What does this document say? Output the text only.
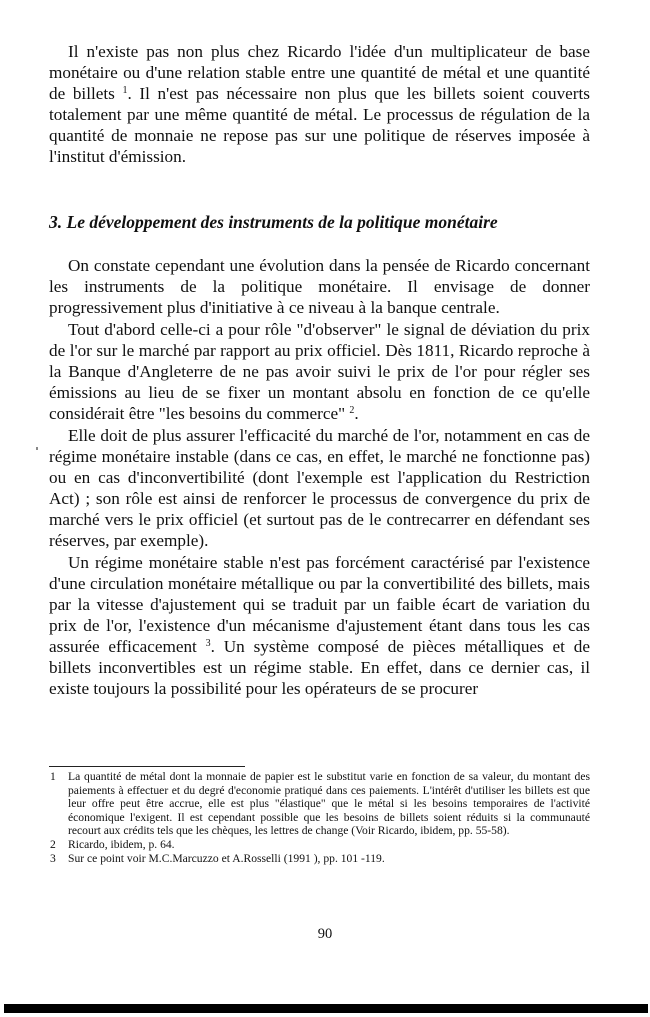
Il n'existe pas non plus chez Ricardo l'idée d'un multiplicateur de base monétaire ou d'une relation stable entre une quantité de métal et une quantité de billets $^1$. Il n'est pas nécessaire non plus que les billets soient couverts totalement par une même quantité de métal. Le processus de régulation de la quantité de monnaie ne repose pas sur une politique de réserves imposée à l'institut d'émission.

3. Le développement des instruments de la politique monétaire

On constate cependant une évolution dans la pensée de Ricardo concernant les instruments de la politique monétaire. Il envisage de donner progressivement plus d'initiative à ce niveau à la banque centrale.

Tout d'abord celle-ci a pour rôle "d'observer" le signal de déviation du prix de l'or sur le marché par rapport au prix officiel. Dès 1811, Ricardo reproche à la Banque d'Angleterre de ne pas avoir suivi le prix de l'or pour régler ses émissions au lieu de se fixer un montant absolu en fonction de ce qu'elle considérait être "les besoins du commerce" $^2$.

Elle doit de plus assurer l'efficacité du marché de l'or, notamment en cas de régime monétaire instable (dans ce cas, en effet, le marché ne fonctionne pas) ou en cas d'inconvertibilité (dont l'exemple est l'application du Restriction Act) ; son rôle est ainsi de renforcer le processus de convergence du prix de marché vers le prix officiel (et surtout pas de le contrecarrer en défendant ses réserves, par exemple).

Un régime monétaire stable n'est pas forcément caractérisé par l'existence d'une circulation monétaire métallique ou par la convertibilité des billets, mais par la vitesse d'ajustement qui se traduit par un faible écart de variation du prix de l'or, l'existence d'un mécanisme d'ajustement étant dans tous les cas assurée efficacement $^3$. Un système composé de pièces métalliques et de billets inconvertibles est un régime stable. En effet, dans ce dernier cas, il existe toujours la possibilité pour les opérateurs de se procurer

1	La quantité de métal dont la monnaie de papier est le substitut varie en fonction de sa valeur, du montant des paiements à effectuer et du degré d'economie pratiqué dans ces paiements. L'intérêt d'utiliser les billets est que leur offre peut être accrue, elle est plus "élastique" que le métal si les besoins temporaires de l'activité économique l'exigent. Il est cependant possible que les besoins de billets soient réduits si la communauté recourt aux crédits tels que les chèques, les lettres de change (Voir Ricardo, ibidem, pp. 55-58).
2	Ricardo, ibidem, p. 64.
3	Sur ce point voir M.C.Marcuzzo et A.Rosselli (1991 ), pp. 101 -119.
90
